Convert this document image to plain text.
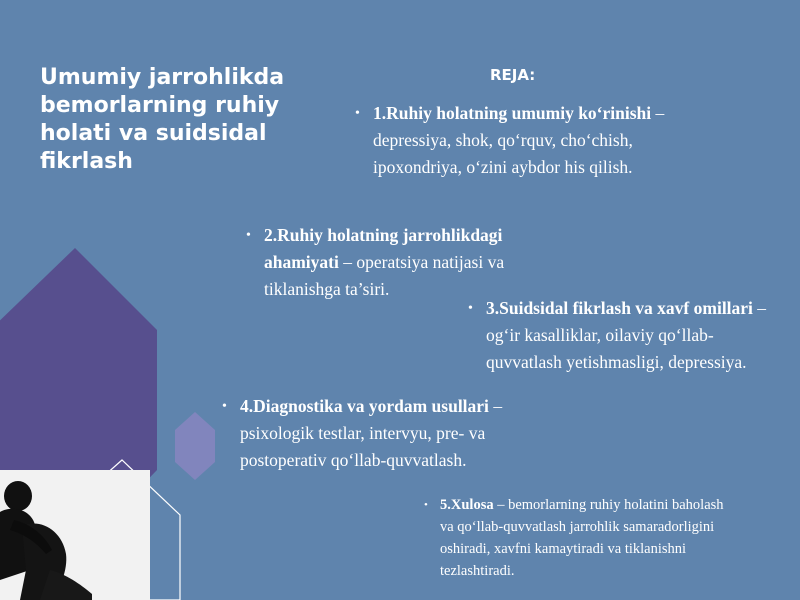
Umumiy jarrohlikda bemorlarning ruhiy holati va suidsidal fikrlash
REJA:
• 1.Ruhiy holatning umumiy ko‘rinishi – depressiya, shok, qo‘rquv, cho‘chish, ipoxondriya, o‘zini aybdor his qilish.
• 2.Ruhiy holatning jarrohlikdagi ahamiyati – operatsiya natijasi va tiklanishga ta’siri.
• 3.Suidsidal fikrlash va xavf omillari – og‘ir kasalliklar, oilaviy qo‘llab-quvvatlash yetishmasligi, depressiya.
• 4.Diagnostika va yordam usullari – psixologik testlar, intervyu, pre- va postoperativ qo‘llab-quvvatlash.
• 5.Xulosa – bemorlarning ruhiy holatini baholash va qo‘llab-quvvatlash jarrohlik samaradorligini oshiradi, xavfni kamaytiradi va tiklanishni tezlashtiradi.
